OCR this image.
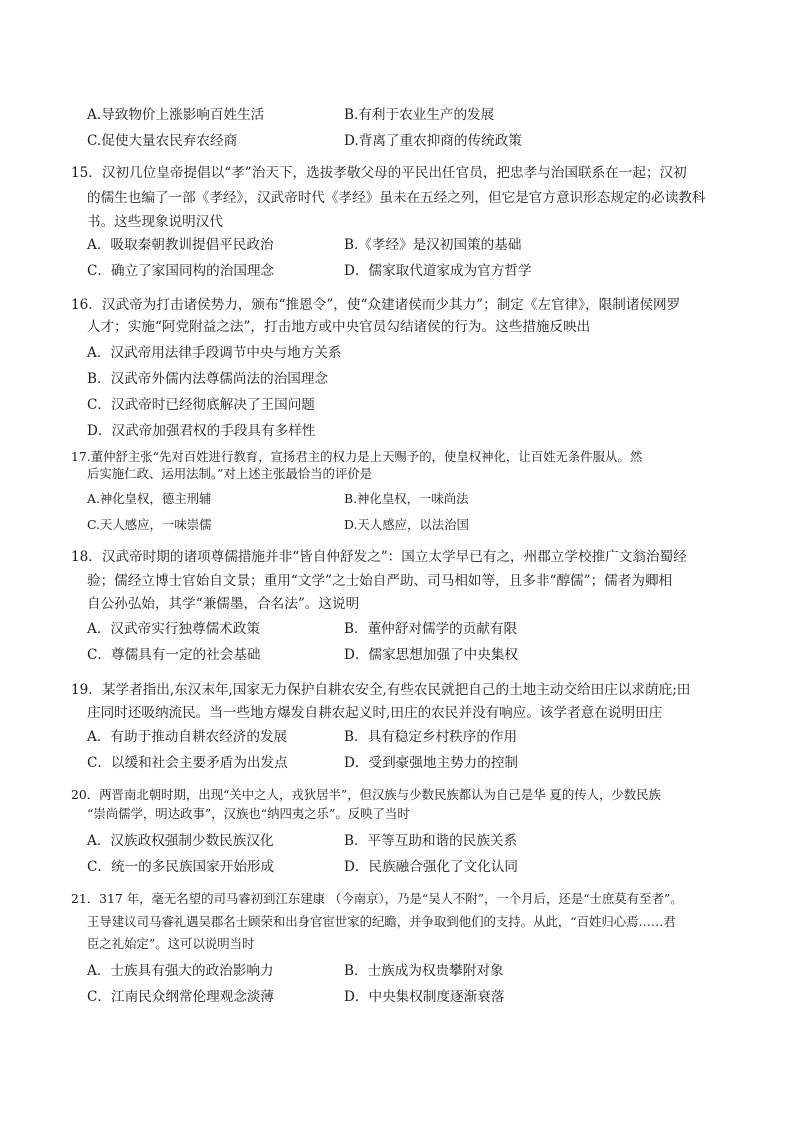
A.导致物价上涨影响百姓生活	B.有利于农业生产的发展
C.促使大量农民弃农经商	D.背离了重农抑商的传统政策
15．汉初几位皇帝提倡以“孝”治天下，选拔孝敬父母的平民出任官员，把忠孝与治国联系在一起；汉初
的儒生也编了一部《孝经》，汉武帝时代《孝经》虽未在五经之列，但它是官方意识形态规定的必读教科
书。这些现象说明汉代
A．吸取秦朝教训提倡平民政治	B.《孝经》是汉初国策的基础
C．确立了家国同构的治国理念	D．儒家取代道家成为官方哲学
16．汉武帝为打击诸侯势力，颁布“推恩令”，使“众建诸侯而少其力”；制定《左官律》，限制诸侯网罗
人才；实施“阿党附益之法”，打击地方或中央官员勾结诸侯的行为。这些措施反映出
A．汉武帝用法律手段调节中央与地方关系
B．汉武帝外儒内法尊儒尚法的治国理念
C．汉武帝时已经彻底解决了王国问题
D．汉武帝加强君权的手段具有多样性
17.董仲舒主张“先对百姓进行教育，宣扬君主的权力是上天赐予的，使皇权神化，让百姓无条件服从。然
后实施仁政、运用法制。”对上述主张最恰当的评价是
A.神化皇权，德主刑辅	B.神化皇权，一味尚法
C.天人感应，一味崇儒	D.天人感应，以法治国
18．汉武帝时期的诸项尊儒措施并非“皆自仲舒发之”：国立太学早已有之，州郡立学校推广文翁治蜀经
验；儒经立博士官始自文景；重用“文学”之士始自严助、司马相如等，且多非“醇儒”；儒者为卿相
自公孙弘始，其学“兼儒墨，合名法”。这说明
A．汉武帝实行独尊儒术政策	B．董仲舒对儒学的贡献有限
C．尊儒具有一定的社会基础	D．儒家思想加强了中央集权
19．某学者指出,东汉末年,国家无力保护自耕农安全,有些农民就把自己的土地主动交给田庄以求荫庇;田
庄同时还吸纳流民。当一些地方爆发自耕农起义时,田庄的农民并没有响应。该学者意在说明田庄
A．有助于推动自耕农经济的发展	B．具有稳定乡村秩序的作用
C．以缓和社会主要矛盾为出发点	D．受到豪强地主势力的控制
20．两晋南北朝时期，出现“关中之人，戎狄居半”，但汉族与少数民族都认为自己是华 夏的传人，少数民族
“崇尚儒学，明达政事”，汉族也“纳四夷之乐”。反映了当时
A．汉族政权强制少数民族汉化	B．平等互助和谐的民族关系
C．统一的多民族国家开始形成	D．民族融合强化了文化认同
21．317 年，毫无名望的司马睿初到江东建康 （今南京），乃是“吴人不附”，一个月后，还是“士庶莫有至者”。
王导建议司马睿礼遇吴郡名士顾荣和出身官宦世家的纪瞻，并争取到他们的支持。从此，“百姓归心焉……君
臣之礼始定”。这可以说明当时
A．士族具有强大的政治影响力	B．士族成为权贵攀附对象
C．江南民众纲常伦理观念淡薄	D．中央集权制度逐渐衰落
